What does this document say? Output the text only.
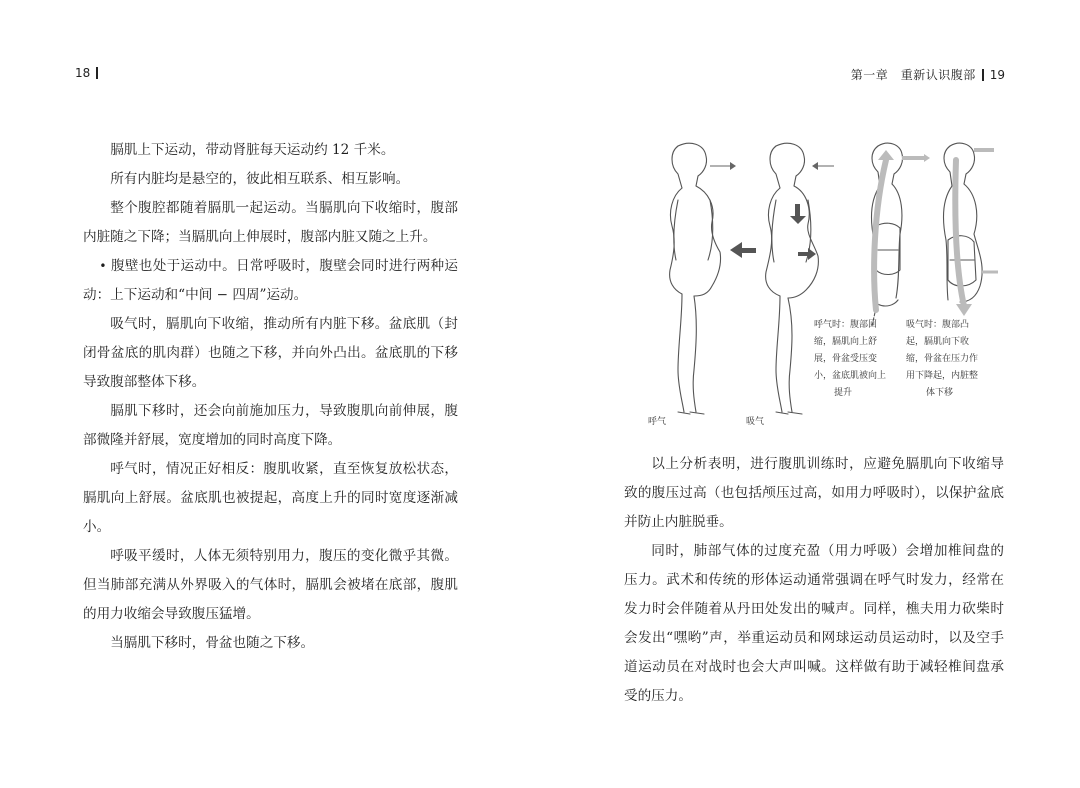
18

膈肌上下运动，带动肾脏每天运动约 12 千米。

所有内脏均是悬空的，彼此相互联系、相互影响。

整个腹腔都随着膈肌一起运动。当膈肌向下收缩时，腹部内脏随之下降；当膈肌向上伸展时，腹部内脏又随之上升。

• 腹壁也处于运动中。日常呼吸时，腹壁会同时进行两种运动：上下运动和“中间 − 四周”运动。

吸气时，膈肌向下收缩，推动所有内脏下移。盆底肌（封闭骨盆底的肌肉群）也随之下移，并向外凸出。盆底肌的下移导致腹部整体下移。

膈肌下移时，还会向前施加压力，导致腹肌向前伸展，腹部微隆并舒展，宽度增加的同时高度下降。

呼气时，情况正好相反：腹肌收紧，直至恢复放松状态，膈肌向上舒展。盆底肌也被提起，高度上升的同时宽度逐渐减小。

呼吸平缓时，人体无须特别用力，腹压的变化微乎其微。但当肺部充满从外界吸入的气体时，膈肌会被堵在底部，腹肌的用力收缩会导致腹压猛增。

当膈肌下移时，骨盆也随之下移。

第一章　重新认识腹部 19
呼气时：腹部回
缩，膈肌向上舒
展，骨盆受压变
小，盆底肌被向上
提升
吸气时：腹部凸
起，膈肌向下收
缩，骨盆在压力作
用下降起，内脏整
体下移
呼气	吸气

以上分析表明，进行腹肌训练时，应避免膈肌向下收缩导致的腹压过高（也包括颅压过高，如用力呼吸时），以保护盆底并防止内脏脱垂。

同时，肺部气体的过度充盈（用力呼吸）会增加椎间盘的压力。武术和传统的形体运动通常强调在呼气时发力，经常在发力时会伴随着从丹田处发出的喊声。同样，樵夫用力砍柴时会发出“嘿哟”声，举重运动员和网球运动员运动时，以及空手道运动员在对战时也会大声叫喊。这样做有助于减轻椎间盘承受的压力。
